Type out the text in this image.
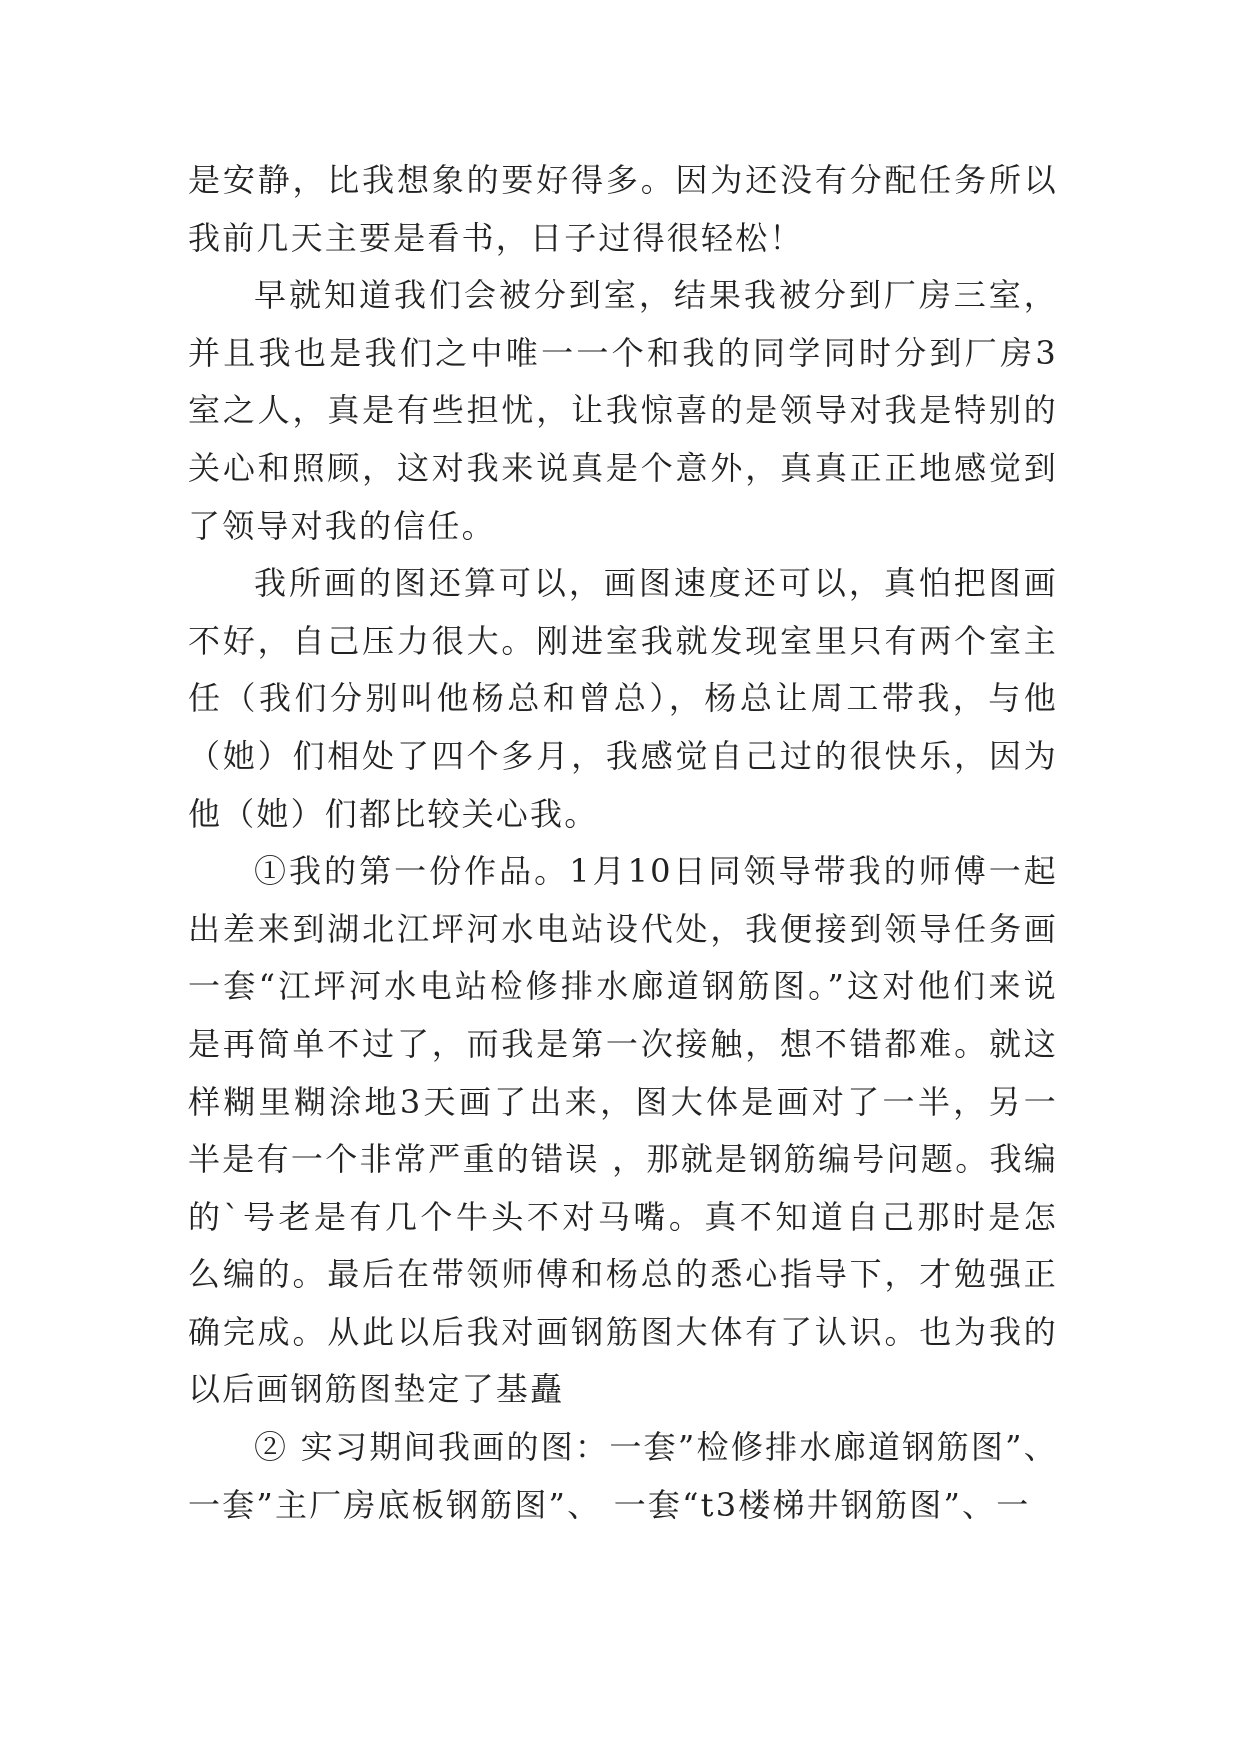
是安静，比我想象的要好得多。因为还没有分配任务所以我前几天主要是看书，日子过得很轻松！

早就知道我们会被分到室，结果我被分到厂房三室，并且我也是我们之中唯一一个和我的同学同时分到厂房3室之人，真是有些担忧，让我惊喜的是领导对我是特别的关心和照顾，这对我来说真是个意外，真真正正地感觉到了领导对我的信任。

我所画的图还算可以，画图速度还可以，真怕把图画不好，自己压力很大。刚进室我就发现室里只有两个室主任（我们分别叫他杨总和曾总），杨总让周工带我，与他（她）们相处了四个多月，我感觉自己过的很快乐，因为他（她）们都比较关心我。

①我的第一份作品。1月10日同领导带我的师傅一起出差来到湖北江坪河水电站设代处，我便接到领导任务画一套“江坪河水电站检修排水廊道钢筋图。”这对他们来说是再简单不过了，而我是第一次接触，想不错都难。就这样糊里糊涂地3天画了出来，图大体是画对了一半，另一半是有一个非常严重的错误 ，那就是钢筋编号问题。我编的`号老是有几个牛头不对马嘴。真不知道自己那时是怎么编的。最后在带领师傅和杨总的悉心指导下，才勉强正确完成。从此以后我对画钢筋图大体有了认识。也为我的以后画钢筋图垫定了基矗

② 实习期间我画的图：一套”检修排水廊道钢筋图”、一套”主厂房底板钢筋图”、 一套“t3楼梯井钢筋图”、一
